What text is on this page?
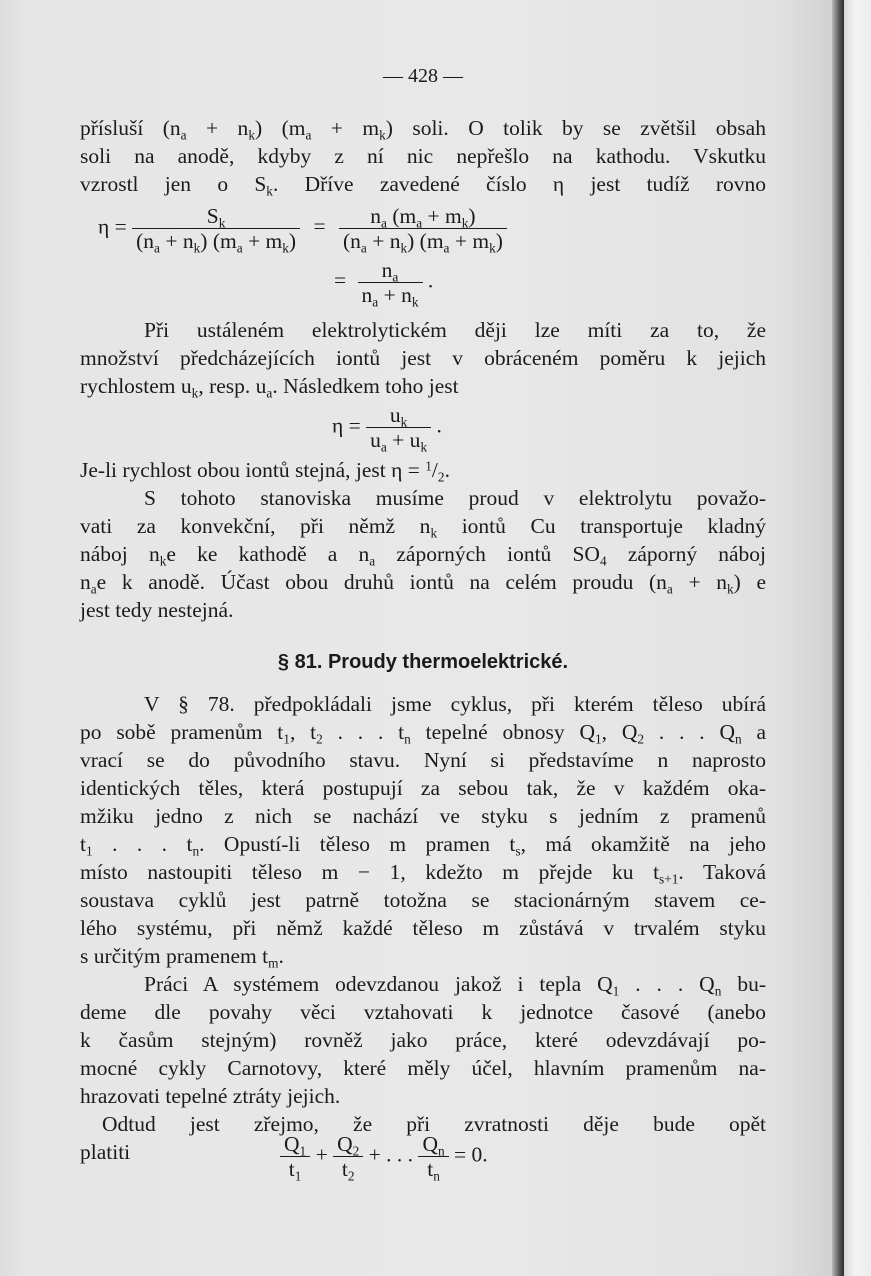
— 428 —
přísluší $(n_a + n_k) (m_a + m_k)$ soli. O tolik by se zvětšil obsah
soli na anodě, kdyby z ní nic nepřešlo na kathodu. Vskutku
vzrostl jen o $S_k$. Dříve zavedené číslo η jest tudíž rovno
$\eta = \frac{S_k}{(n_a + n_k) (m_a + m_k)} = \frac{n_a (m_a + m_k)}{(n_a + n_k) (m_a + m_k)}$
= $\frac{n_a}{n_a + n_k}$ .
Při ustáleném elektrolytickém ději lze míti za to, že
množství předcházejících iontů jest v obráceném poměru k jejich
rychlostem $u_k$, resp. $u_a$. Následkem toho jest
$\eta = \frac{u_k}{u_a + u_k}$ .
Je-li rychlost obou iontů stejná, jest $\eta = ^1/_2$.
S tohoto stanoviska musíme proud v elektrolytu považo-
vati za konvekční, při němž $n_k$ iontů Cu transportuje kladný
náboj $n_ke$ ke kathodě a $n_a$ záporných iontů $SO_4$ záporný náboj
$n_ae$ k anodě. Účast obou druhů iontů na celém proudu $(n_a + n_k)$ e
jest tedy nestejná.
§ 81. Proudy thermoelektrické.
V § 78. předpokládali jsme cyklus, při kterém těleso ubírá
po sobě pramenům $t_1$, $t_2$ . . . $t_n$ tepelné obnosy $Q_1$, $Q_2$ . . . $Q_n$ a
vrací se do původního stavu. Nyní si představíme n naprosto
identických těles, která postupují za sebou tak, že v každém oka-
mžiku jedno z nich se nachází ve styku s jedním z pramenů
$t_1$ . . . $t_n$. Opustí-li těleso m pramen $t_s$, má okamžitě na jeho
místo nastoupiti těleso m − 1, kdežto m přejde ku $t_{s+1}$. Taková
soustava cyklů jest patrně totožna se stacionárným stavem ce-
lého systému, při němž každé těleso m zůstává v trvalém styku
s určitým pramenem $t_m$.
Práci A systémem odevzdanou jakož i tepla $Q_1$ . . . $Q_n$ bu-
deme dle povahy věci vztahovati k jednotce časové (anebo
k časům stejným) rovněž jako práce, které odevzdávají po-
mocné cykly Carnotovy, které měly účel, hlavním pramenům na-
hrazovati tepelné ztráty jejich.
Odtud jest zřejmo, že při zvratnosti děje bude opět
platiti	$\frac{Q_1}{t_1} + \frac{Q_2}{t_2}$ + . . . $\frac{Q_n}{t_n} = 0$.
